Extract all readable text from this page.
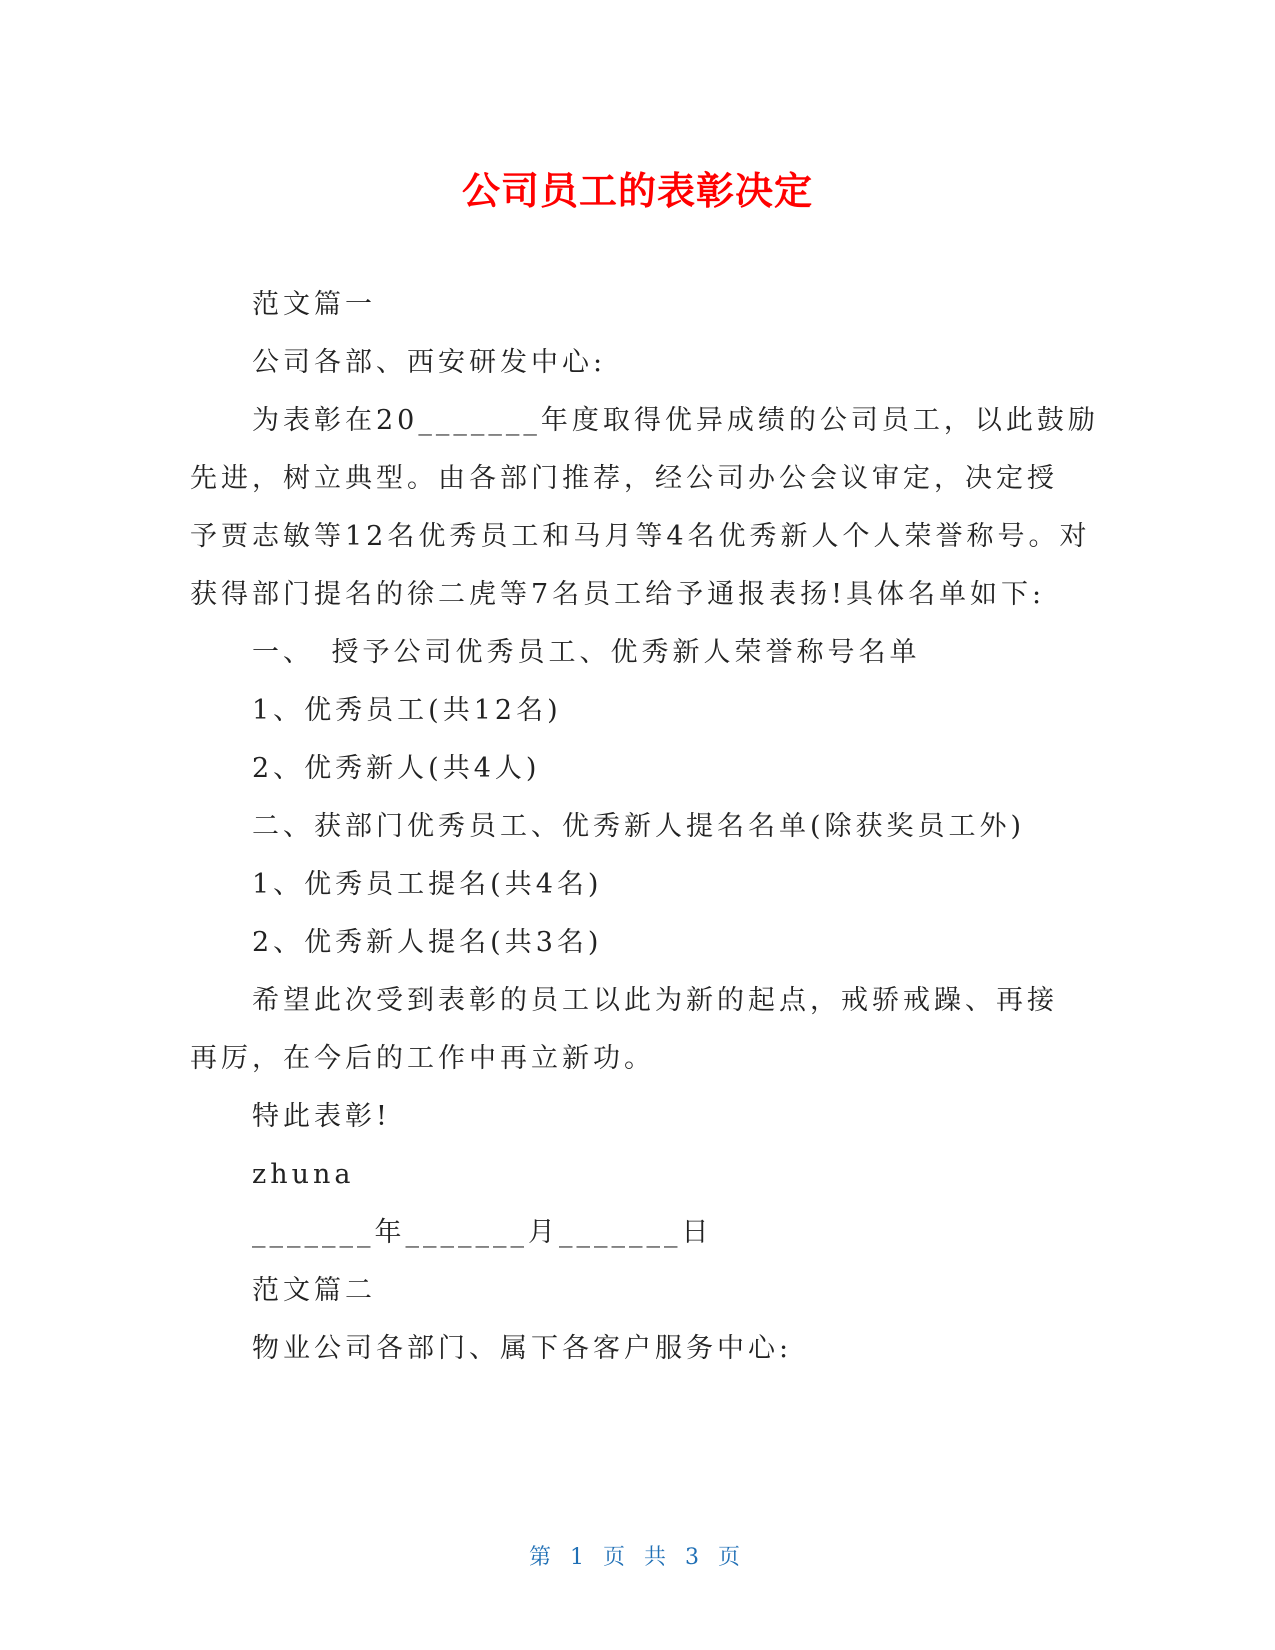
公司员工的表彰决定
　　范文篇一
　　公司各部、西安研发中心:
　　为表彰在20_______年度取得优异成绩的公司员工，以此鼓励
先进，树立典型。由各部门推荐，经公司办公会议审定，决定授
予贾志敏等12名优秀员工和马月等4名优秀新人个人荣誉称号。对
获得部门提名的徐二虎等7名员工给予通报表扬!具体名单如下:
　　一、　授予公司优秀员工、优秀新人荣誉称号名单
　　1、优秀员工(共12名)
　　2、优秀新人(共4人)
　　二、获部门优秀员工、优秀新人提名名单(除获奖员工外)
　　1、优秀员工提名(共4名)
　　2、优秀新人提名(共3名)
　　希望此次受到表彰的员工以此为新的起点，戒骄戒躁、再接
再厉，在今后的工作中再立新功。
　　特此表彰!
　　zhuna
　　_______年_______月_______日
　　范文篇二
　　物业公司各部门、属下各客户服务中心:
第 1 页 共 3 页
